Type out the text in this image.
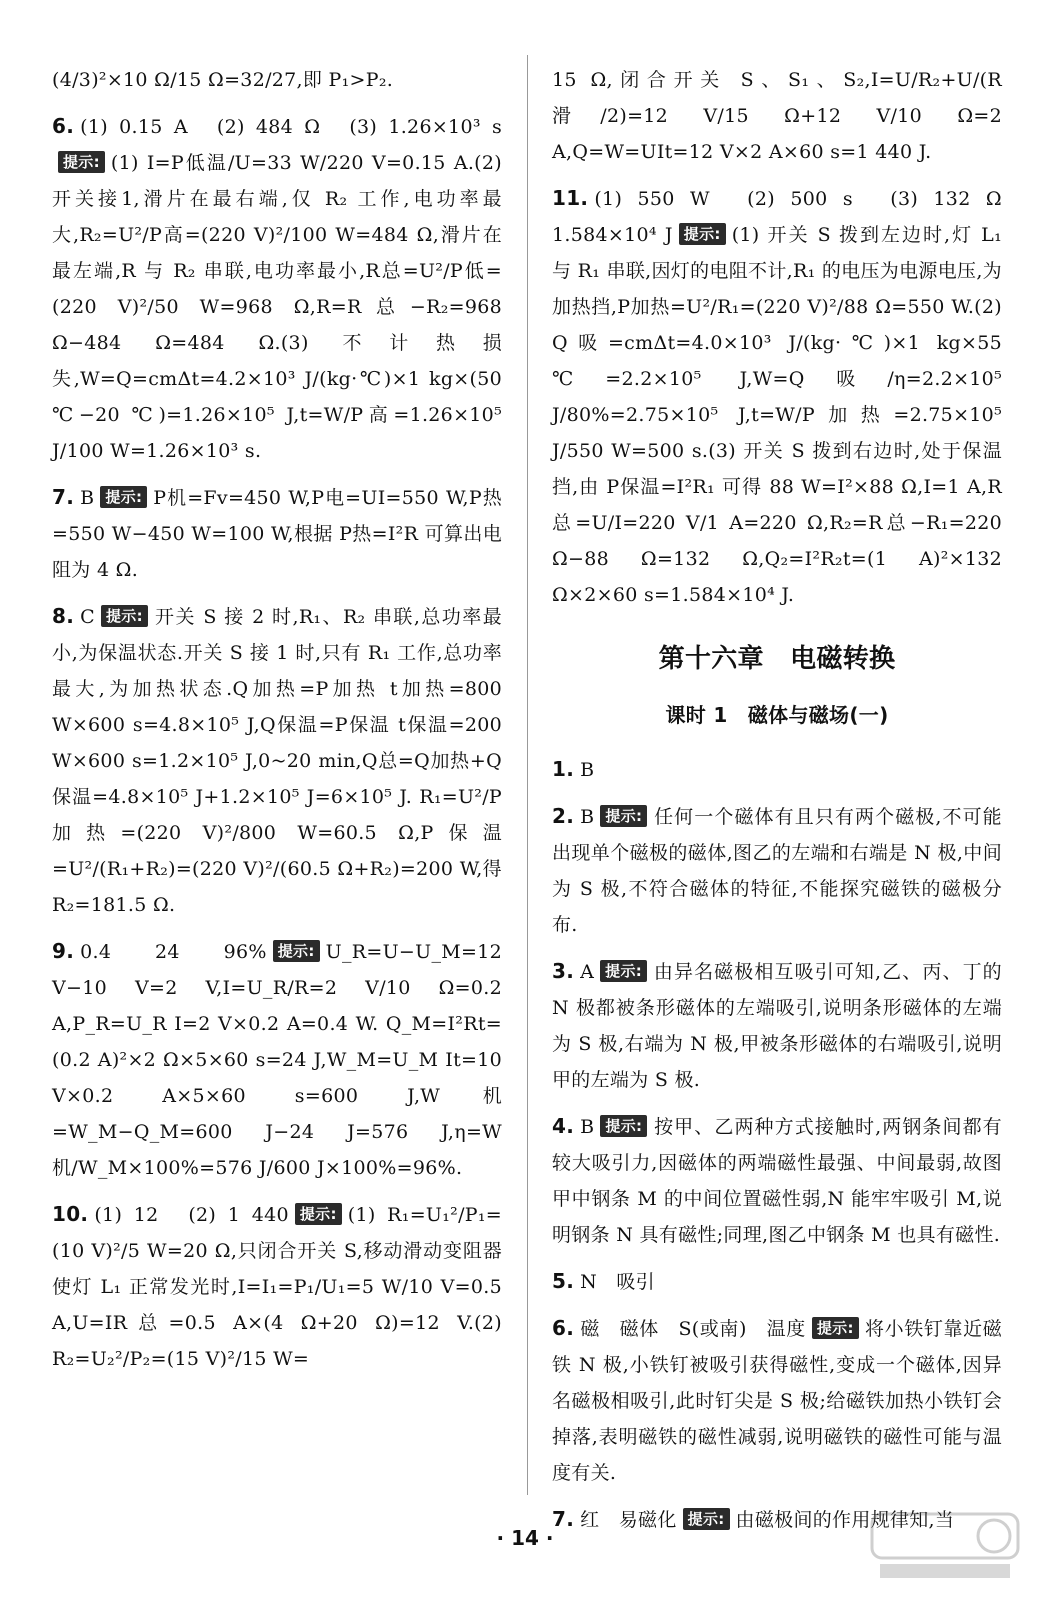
(4/3)²×10 Ω/15 Ω=32/27,即 P₁>P₂.
6. (1) 0.15 A　(2) 484 Ω　(3) 1.26×10³ s提示: (1) I=P低温/U=33 W/220 V=0.15 A.(2) 开关接1,滑片在最右端,仅 R₂ 工作,电功率最大,R₂=U²/P高=(220 V)²/100 W=484 Ω,滑片在最左端,R 与 R₂ 串联,电功率最小,R总=U²/P低=(220 V)²/50 W=968 Ω,R=R总−R₂=968 Ω−484 Ω=484 Ω.(3) 不计热损失,W=Q=cmΔt=4.2×10³ J/(kg·℃)×1 kg×(50 ℃−20 ℃)=1.26×10⁵ J,t=W/P高=1.26×10⁵ J/100 W=1.26×10³ s.
7. B 提示: P机=Fv=450 W,P电=UI=550 W,P热=550 W−450 W=100 W,根据 P热=I²R 可算出电阻为 4 Ω.
8. C 提示: 开关 S 接 2 时,R₁、R₂ 串联,总功率最小,为保温状态.开关 S 接 1 时,只有 R₁ 工作,总功率最大,为加热状态.Q加热=P加热 t加热=800 W×600 s=4.8×10⁵ J,Q保温=P保温 t保温=200 W×600 s=1.2×10⁵ J,0~20 min,Q总=Q加热+Q保温=4.8×10⁵ J+1.2×10⁵ J=6×10⁵ J. R₁=U²/P加热=(220 V)²/800 W=60.5 Ω,P保温=U²/(R₁+R₂)=(220 V)²/(60.5 Ω+R₂)=200 W,得 R₂=181.5 Ω.
9. 0.4　24　96% 提示: U_R=U−U_M=12 V−10 V=2 V,I=U_R/R=2 V/10 Ω=0.2 A,P_R=U_R I=2 V×0.2 A=0.4 W. Q_M=I²Rt=(0.2 A)²×2 Ω×5×60 s=24 J,W_M=U_M It=10 V×0.2 A×5×60 s=600 J,W机=W_M−Q_M=600 J−24 J=576 J,η=W机/W_M×100%=576 J/600 J×100%=96%.
10. (1) 12　(2) 1 440 提示: (1) R₁=U₁²/P₁=(10 V)²/5 W=20 Ω,只闭合开关 S,移动滑动变阻器使灯 L₁ 正常发光时,I=I₁=P₁/U₁=5 W/10 V=0.5 A,U=IR总=0.5 A×(4 Ω+20 Ω)=12 V.(2) R₂=U₂²/P₂=(15 V)²/15 W=
15 Ω,闭合开关 S、S₁、S₂,I=U/R₂+U/(R滑/2)=12 V/15 Ω+12 V/10 Ω=2 A,Q=W=UIt=12 V×2 A×60 s=1 440 J.
11. (1) 550 W　(2) 500 s　(3) 132 Ω　1.584×10⁴ J 提示: (1) 开关 S 拨到左边时,灯 L₁ 与 R₁ 串联,因灯的电阻不计,R₁ 的电压为电源电压,为加热挡,P加热=U²/R₁=(220 V)²/88 Ω=550 W.(2) Q吸=cmΔt=4.0×10³ J/(kg·℃)×1 kg×55 ℃=2.2×10⁵ J,W=Q吸/η=2.2×10⁵ J/80%=2.75×10⁵ J,t=W/P加热=2.75×10⁵ J/550 W=500 s.(3) 开关 S 拨到右边时,处于保温挡,由 P保温=I²R₁ 可得 88 W=I²×88 Ω,I=1 A,R总=U/I=220 V/1 A=220 Ω,R₂=R总−R₁=220 Ω−88 Ω=132 Ω,Q₂=I²R₂t=(1 A)²×132 Ω×2×60 s=1.584×10⁴ J.
第十六章　电磁转换
课时 1　磁体与磁场(一)
1. B
2. B 提示: 任何一个磁体有且只有两个磁极,不可能出现单个磁极的磁体,图乙的左端和右端是 N 极,中间为 S 极,不符合磁体的特征,不能探究磁铁的磁极分布.
3. A 提示: 由异名磁极相互吸引可知,乙、丙、丁的 N 极都被条形磁体的左端吸引,说明条形磁体的左端为 S 极,右端为 N 极,甲被条形磁体的右端吸引,说明甲的左端为 S 极.
4. B 提示: 按甲、乙两种方式接触时,两钢条间都有较大吸引力,因磁体的两端磁性最强、中间最弱,故图甲中钢条 M 的中间位置磁性弱,N 能牢牢吸引 M,说明钢条 N 具有磁性;同理,图乙中钢条 M 也具有磁性.
5. N　吸引
6. 磁　磁体　S(或南)　温度 提示: 将小铁钉靠近磁铁 N 极,小铁钉被吸引获得磁性,变成一个磁体,因异名磁极相吸引,此时钉尖是 S 极;给磁铁加热小铁钉会掉落,表明磁铁的磁性减弱,说明磁铁的磁性可能与温度有关.
7. 红　易磁化 提示: 由磁极间的作用规律知,当
· 14 ·
